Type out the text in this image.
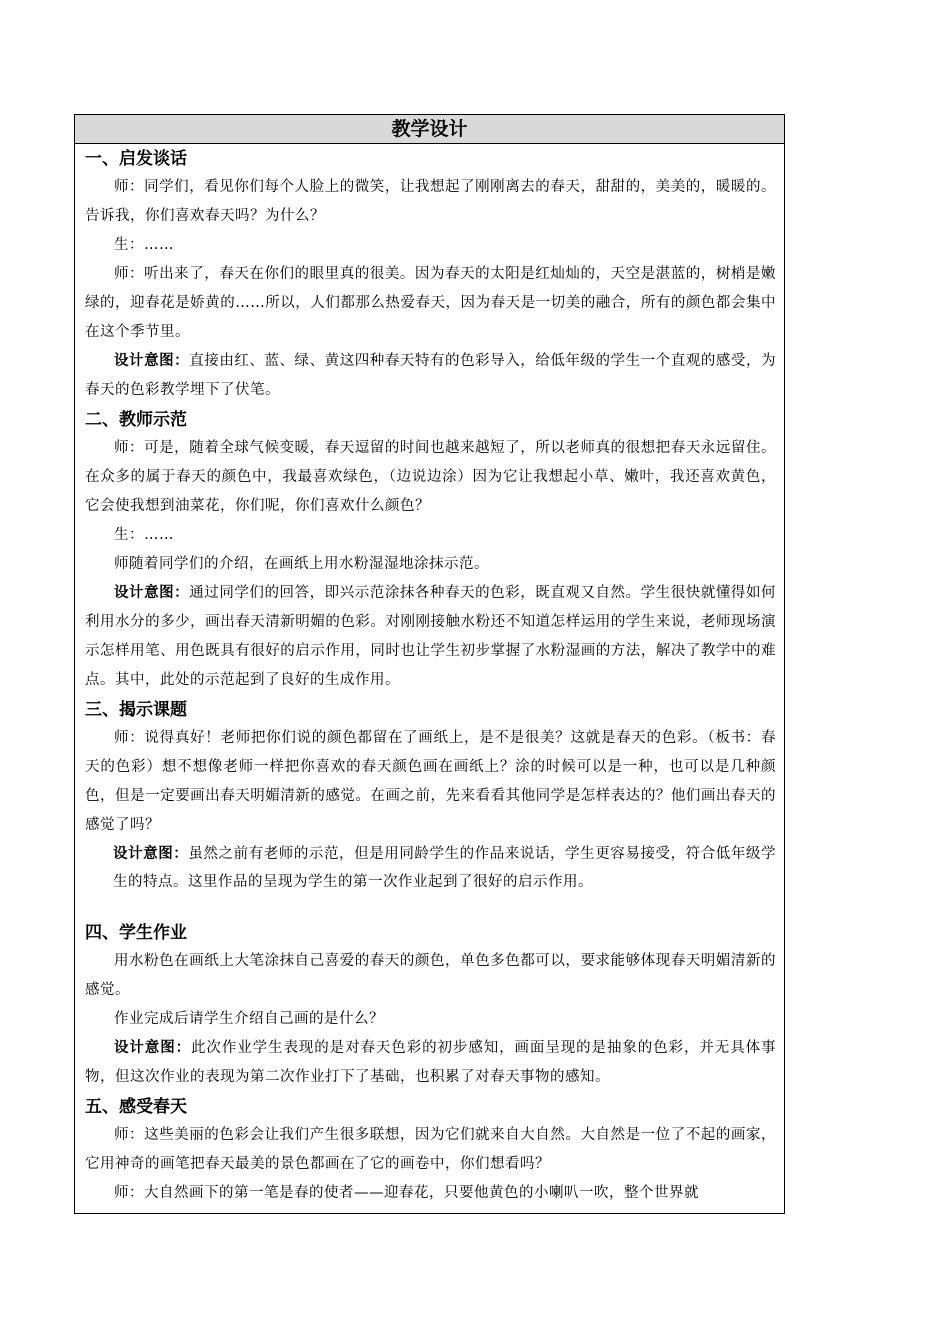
教学设计
一、启发谈话

师：同学们，看见你们每个人脸上的微笑，让我想起了刚刚离去的春天，甜甜的，美美的，暖暖的。告诉我，你们喜欢春天吗？为什么？

生：……

师：听出来了，春天在你们的眼里真的很美。因为春天的太阳是红灿灿的，天空是湛蓝的，树梢是嫩绿的，迎春花是娇黄的……所以，人们都那么热爱春天，因为春天是一切美的融合，所有的颜色都会集中在这个季节里。

设计意图：直接由红、蓝、绿、黄这四种春天特有的色彩导入，给低年级的学生一个直观的感受，为春天的色彩教学埋下了伏笔。

二、教师示范

师：可是，随着全球气候变暖，春天逗留的时间也越来越短了，所以老师真的很想把春天永远留住。在众多的属于春天的颜色中，我最喜欢绿色，（边说边涂）因为它让我想起小草、嫩叶，我还喜欢黄色，它会使我想到油菜花，你们呢，你们喜欢什么颜色？

生：……

师随着同学们的介绍，在画纸上用水粉湿湿地涂抹示范。

设计意图：通过同学们的回答，即兴示范涂抹各种春天的色彩，既直观又自然。学生很快就懂得如何利用水分的多少，画出春天清新明媚的色彩。对刚刚接触水粉还不知道怎样运用的学生来说，老师现场演示怎样用笔、用色既具有很好的启示作用，同时也让学生初步掌握了水粉湿画的方法，解决了教学中的难点。其中，此处的示范起到了良好的生成作用。

三、揭示课题

师：说得真好！老师把你们说的颜色都留在了画纸上，是不是很美？这就是春天的色彩。（板书：春天的色彩）想不想像老师一样把你喜欢的春天颜色画在画纸上？涂的时候可以是一种，也可以是几种颜色，但是一定要画出春天明媚清新的感觉。在画之前，先来看看其他同学是怎样表达的？他们画出春天的感觉了吗？

设计意图：虽然之前有老师的示范，但是用同龄学生的作品来说话，学生更容易接受，符合低年级学生的特点。这里作品的呈现为学生的第一次作业起到了很好的启示作用。

四、学生作业

用水粉色在画纸上大笔涂抹自己喜爱的春天的颜色，单色多色都可以，要求能够体现春天明媚清新的感觉。

作业完成后请学生介绍自己画的是什么？

设计意图：此次作业学生表现的是对春天色彩的初步感知，画面呈现的是抽象的色彩，并无具体事物，但这次作业的表现为第二次作业打下了基础，也积累了对春天事物的感知。

五、感受春天

师：这些美丽的色彩会让我们产生很多联想，因为它们就来自大自然。大自然是一位了不起的画家，它用神奇的画笔把春天最美的景色都画在了它的画卷中，你们想看吗？

师：大自然画下的第一笔是春的使者——迎春花，只要他黄色的小喇叭一吹，整个世界就
